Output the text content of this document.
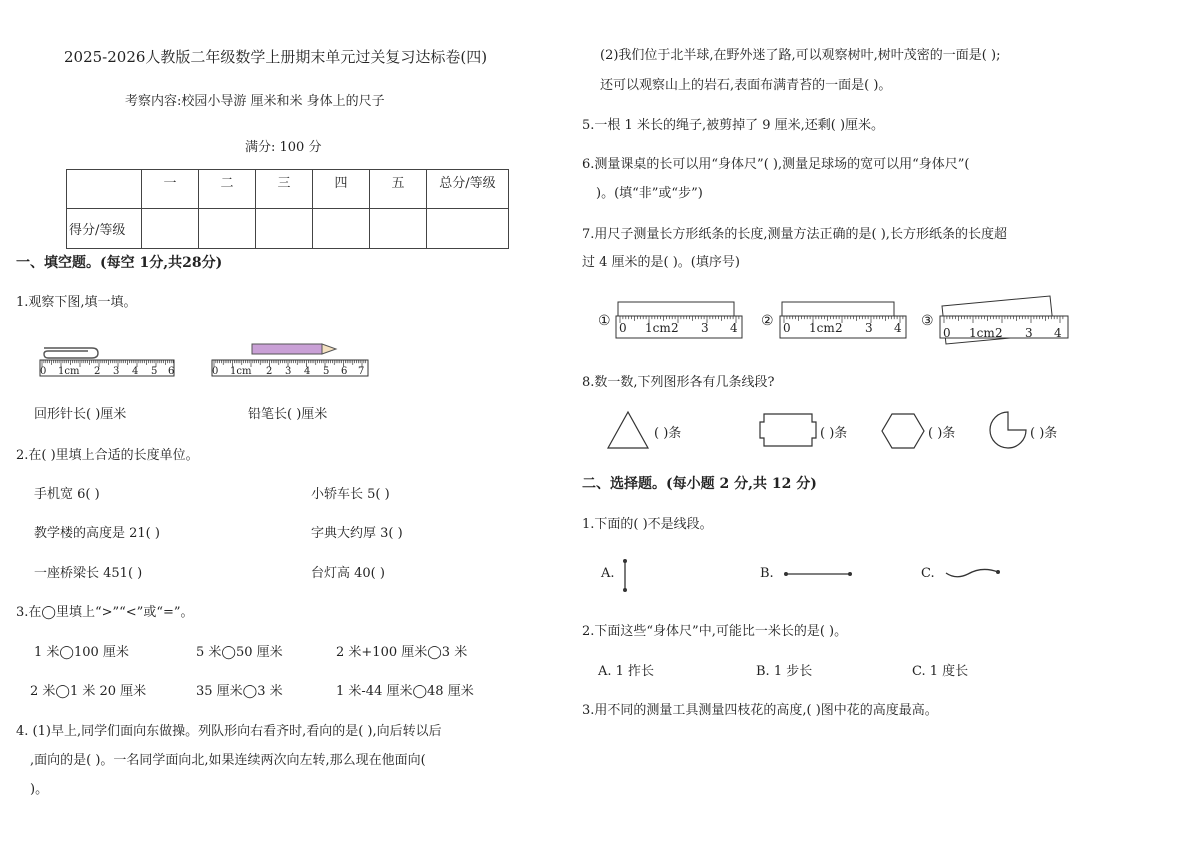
2025-2026人教版二年级数学上册期末单元过关复习达标卷(四)
考察内容:校园小导游 厘米和米 身体上的尺子
满分: 100 分
	一	二	三	四	五	总分/等级
得分/等级						
一、填空题。(每空 1分,共28分)
1.观察下图,填一填。
0 1cm 2 3 4 5 6	0 1cm 2 3 4 5 6 7
回形针长( )厘米	铅笔长( )厘米
2.在( )里填上合适的长度单位。
手机宽 6( )	小轿车长 5( )
教学楼的高度是 21( )	字典大约厚 3( )
一座桥梁长 451( )	台灯高 40( )
3.在◯里填上“>”“<”或“=”。
1 米◯100 厘米	5 米◯50 厘米	2 米+100 厘米◯3 米
2 米◯1 米 20 厘米	35 厘米◯3 米	1 米-44 厘米◯48 厘米
4. (1)早上,同学们面向东做操。列队形向右看齐时,看向的是( ),向后转以后
,面向的是( )。一名同学面向北,如果连续两次向左转,那么现在他面向(
)。
(2)我们位于北半球,在野外迷了路,可以观察树叶,树叶茂密的一面是( );
还可以观察山上的岩石,表面布满青苔的一面是( )。
5.一根 1 米长的绳子,被剪掉了 9 厘米,还剩( )厘米。
6.测量课桌的长可以用“身体尺”( ),测量足球场的宽可以用“身体尺”(
)。(填“非”或“步”)
7.用尺子测量长方形纸条的长度,测量方法正确的是( ),长方形纸条的长度超
过 4 厘米的是( )。(填序号)
①	②	③
0 1cm 2 3 4	0 1cm 2 3 4	0 1cm 2 3 4
8.数一数,下列图形各有几条线段?
( )条	( )条	( )条	( )条
二、选择题。(每小题 2 分,共 12 分)
1.下面的( )不是线段。
A.	B.	C.
2.下面这些“身体尺”中,可能比一米长的是( )。
A. 1 拃长	B. 1 步长	C. 1 度长
3.用不同的测量工具测量四枝花的高度,( )图中花的高度最高。
